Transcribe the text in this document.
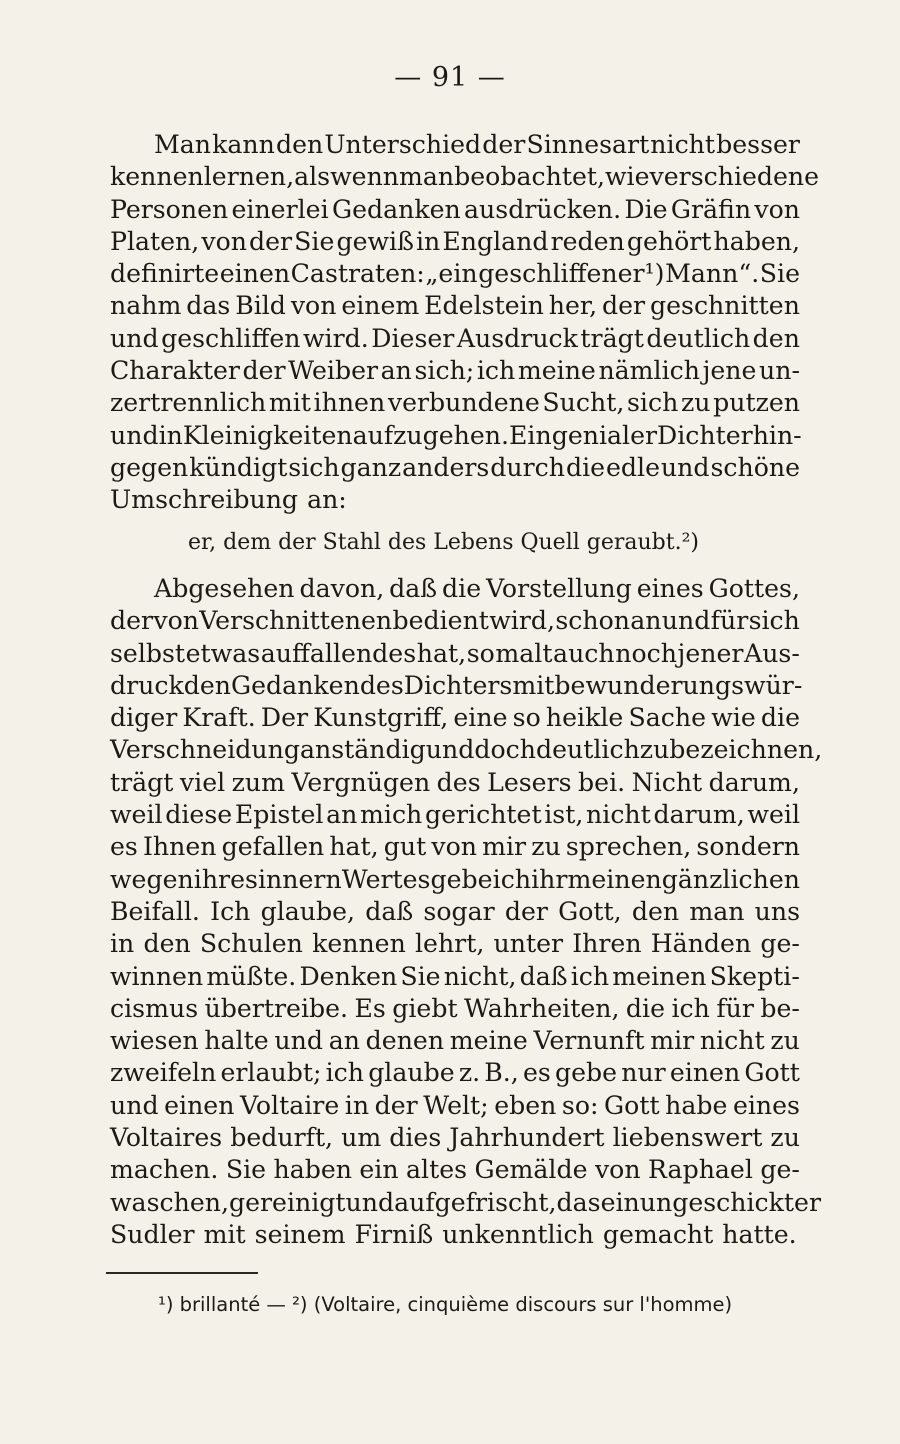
— 91 —
Man kann den Unterschied der Sinnesart nicht besser
kennen lernen, als wenn man beobachtet, wie verschiedene
Personen einerlei Gedanken ausdrücken. Die Gräfin von
Platen, von der Sie gewiß in England reden gehört haben,
definirte einen Castraten: „ein geschliffener¹) Mann“. Sie
nahm das Bild von einem Edelstein her, der geschnitten
und geschliffen wird. Dieser Ausdruck trägt deutlich den
Charakter der Weiber an sich; ich meine nämlich jene un-
zertrennlich mit ihnen verbundene Sucht, sich zu putzen
und in Kleinigkeiten aufzugehen. Ein genialer Dichter hin-
gegen kündigt sich ganz anders durch die edle und schöne
Umschreibung an:
er, dem der Stahl des Lebens Quell geraubt.²)
Abgesehen davon, daß die Vorstellung eines Gottes,
der von Verschnittenen bedient wird, schon an und für sich
selbst etwas auffallendes hat, so malt auch noch jener Aus-
druck den Gedanken des Dichters mit bewunderungswür-
diger Kraft. Der Kunstgriff, eine so heikle Sache wie die
Verschneidung anständig und doch deutlich zu bezeichnen,
trägt viel zum Vergnügen des Lesers bei. Nicht darum,
weil diese Epistel an mich gerichtet ist, nicht darum, weil
es Ihnen gefallen hat, gut von mir zu sprechen, sondern
wegen ihres innern Wertes gebe ich ihr meinen gänzlichen
Beifall. Ich glaube, daß sogar der Gott, den man uns
in den Schulen kennen lehrt, unter Ihren Händen ge-
winnen müßte. Denken Sie nicht, daß ich meinen Skepti-
cismus übertreibe. Es giebt Wahrheiten, die ich für be-
wiesen halte und an denen meine Vernunft mir nicht zu
zweifeln erlaubt; ich glaube z. B., es gebe nur einen Gott
und einen Voltaire in der Welt; eben so: Gott habe eines
Voltaires bedurft, um dies Jahrhundert liebenswert zu
machen. Sie haben ein altes Gemälde von Raphael ge-
waschen, gereinigt und aufgefrischt, das ein ungeschickter
Sudler mit seinem Firniß unkenntlich gemacht hatte.
¹) brillanté — ²) (Voltaire, cinquième discours sur l'homme)
